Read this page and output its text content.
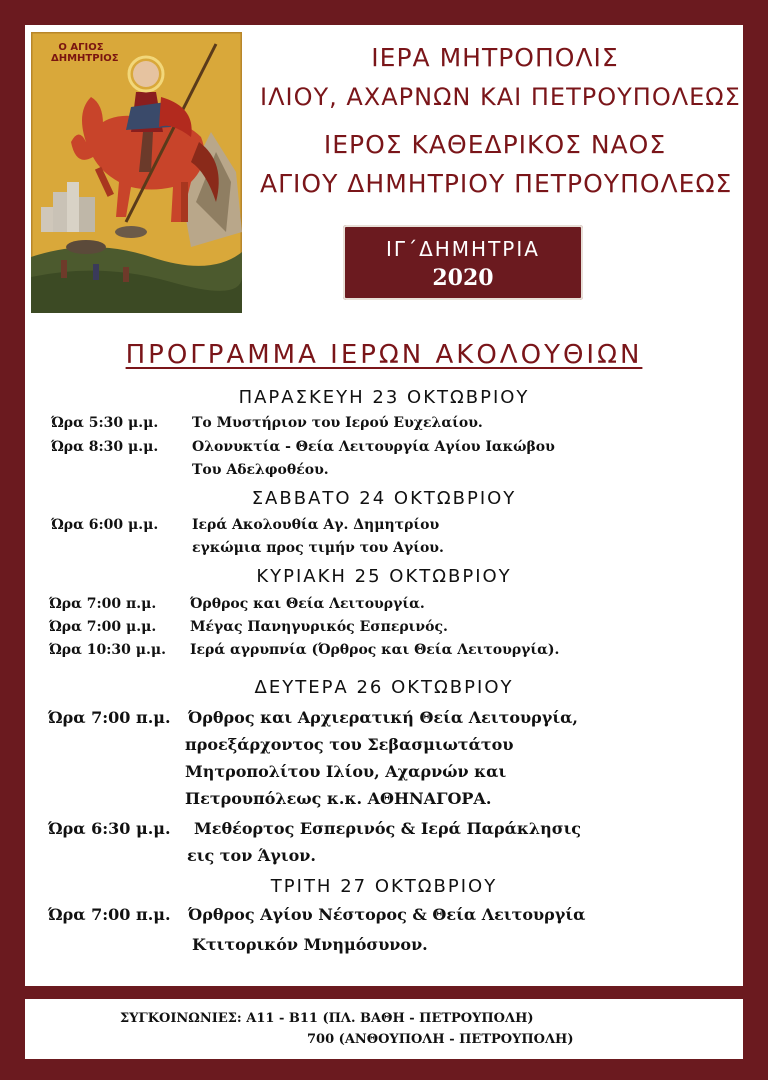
Ο ΑΓΙΟΣ ΔΗΜΗΤΡΙΟΣ	ΙΕΡΑ ΜΗΤΡΟΠΟΛΙΣ
ΙΛΙΟΥ, ΑΧΑΡΝΩΝ ΚΑΙ ΠΕΤΡΟΥΠΟΛΕΩΣ
ΙΕΡΟΣ ΚΑΘΕΔΡΙΚΟΣ ΝΑΟΣ
ΑΓΙΟΥ ΔΗΜΗΤΡΙΟΥ ΠΕΤΡΟΥΠΟΛΕΩΣ
ΙΓ΄ΔΗΜΗΤΡΙΑ
2020
ΠΡΟΓΡΑΜΜΑ ΙΕΡΩΝ ΑΚΟΛΟΥΘΙΩΝ
ΠΑΡΑΣΚΕΥΗ 23 ΟΚΤΩΒΡΙΟΥ
Ώρα 5:30 μ.μ. Το Μυστήριον του Ιερού Ευχελαίου.
Ώρα 8:30 μ.μ. Ολονυκτία - Θεία Λειτουργία Αγίου Ιακώβου
Του Αδελφοθέου.
ΣΑΒΒΑΤΟ 24 ΟΚΤΩΒΡΙΟΥ
Ώρα 6:00 μ.μ. Ιερά Ακολουθία Αγ. Δημητρίου
εγκώμια προς τιμήν του Αγίου.
ΚΥΡΙΑΚΗ 25 ΟΚΤΩΒΡΙΟΥ
Ώρα 7:00 π.μ. Όρθρος και Θεία Λειτουργία.
Ώρα 7:00 μ.μ. Μέγας Πανηγυρικός Εσπερινός.
Ώρα 10:30 μ.μ. Ιερά αγρυπνία (Όρθρος και Θεία Λειτουργία).
ΔΕΥΤΕΡΑ 26 ΟΚΤΩΒΡΙΟΥ
Ώρα 7:00 π.μ. Όρθρος και Αρχιερατική Θεία Λειτουργία,
προεξάρχοντος του Σεβασμιωτάτου
Μητροπολίτου Ιλίου, Αχαρνών και
Πετρουπόλεως κ.κ. ΑΘΗΝΑΓΟΡΑ.
Ώρα 6:30 μ.μ. Μεθέορτος Εσπερινός & Ιερά Παράκλησις
εις τον Άγιον.
ΤΡΙΤΗ 27 ΟΚΤΩΒΡΙΟΥ
Ώρα 7:00 π.μ. Όρθρος Αγίου Νέστορος & Θεία Λειτουργία
Κτιτορικόν Μνημόσυνον.
ΣΥΓΚΟΙΝΩΝΙΕΣ: Α11 - Β11 (ΠΛ. ΒΑΘΗ - ΠΕΤΡΟΥΠΟΛΗ)
700 (ΑΝΘΟΥΠΟΛΗ - ΠΕΤΡΟΥΠΟΛΗ)
